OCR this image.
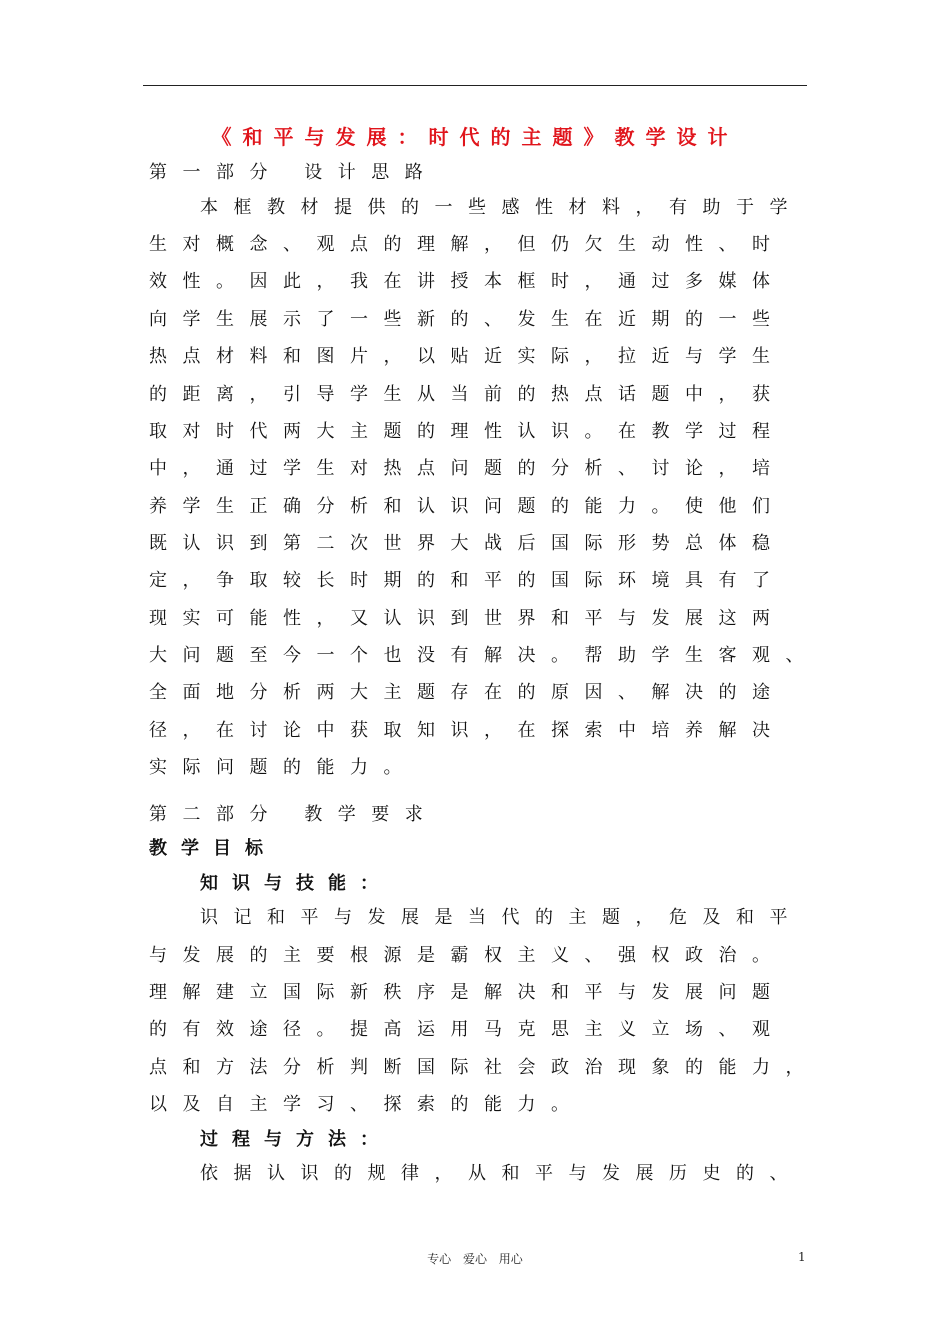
《和平与发展：时代的主题》教学设计
第一部分 设计思路
本框教材提供的一些感性材料，有助于学
生对概念、观点的理解，但仍欠生动性、时
效性。因此，我在讲授本框时，通过多媒体
向学生展示了一些新的、发生在近期的一些
热点材料和图片，以贴近实际，拉近与学生
的距离，引导学生从当前的热点话题中，获
取对时代两大主题的理性认识。在教学过程
中，通过学生对热点问题的分析、讨论，培
养学生正确分析和认识问题的能力。使他们
既认识到第二次世界大战后国际形势总体稳
定，争取较长时期的和平的国际环境具有了
现实可能性，又认识到世界和平与发展这两
大问题至今一个也没有解决。帮助学生客观、
全面地分析两大主题存在的原因、解决的途
径，在讨论中获取知识，在探索中培养解决
实际问题的能力。
第二部分 教学要求
教学目标
知识与技能：
识记和平与发展是当代的主题，危及和平
与发展的主要根源是霸权主义、强权政治。
理解建立国际新秩序是解决和平与发展问题
的有效途径。提高运用马克思主义立场、观
点和方法分析判断国际社会政治现象的能力，
以及自主学习、探索的能力。
过程与方法：
依据认识的规律，从和平与发展历史的、
专心 爱心 用心	1
